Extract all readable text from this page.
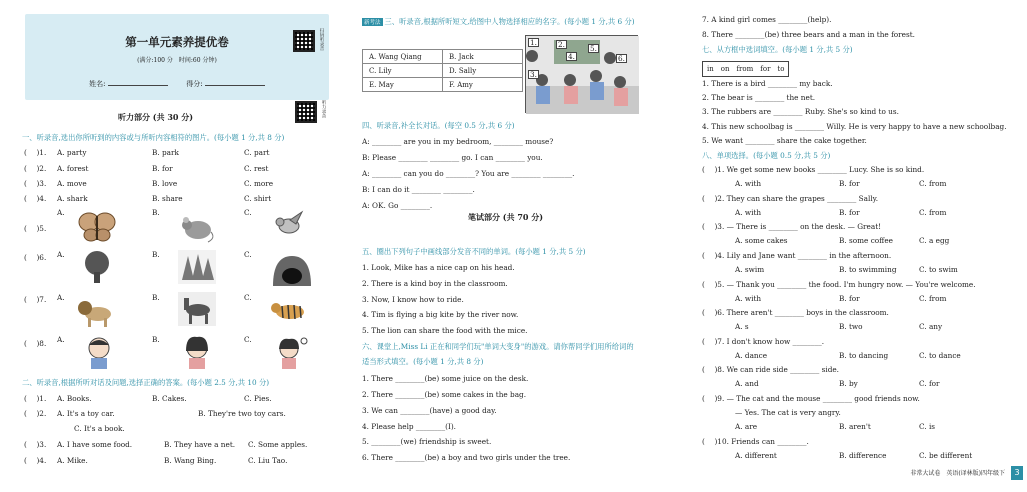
第一单元素养提优卷
(满分:100 分　时间:60 分钟)
姓名:	得分:
扫码听录音
听力部分 (共 30 分)	听力录音
一、听录音,选出你所听到的内容或与所听内容相符的图片。(每小题 1 分,共 8 分)
( 　)1. A. party	B. park	C. part
( 　)2. A. forest	B. for	C. rest
( 　)3. A. move	B. love	C. more
( 　)4. A. shark	B. share	C. shirt
A.	B.	C.
( 　)5.
A.	B.	C.
( 　)6.
A.	B.	C.
( 　)7.
A.	B.	C.
( 　)8.
二、听录音,根据所听对话及问题,选择正确的答案。(每小题 2.5 分,共 10 分)
( 　)1. A. Books.	B. Cakes.	C. Pies.
( 　)2. A. It's a toy car.	B. They're two toy cars.
C. It's a book.
( 　)3. A. I have some food.	B. They have a net. C. Some apples.
( 　)4. A. Mike.	B. Wang Bing.	C. Liu Tao.
新考法 三、听录音,根据所听短文,给图中人物选择相应的名字。(每小题 1 分,共 6 分)
A. Wang Qiang	B. Jack
C. Lily	D. Sally
E. May	F. Amy
1.	2.
3.
4.
5.
6.
四、听录音,补全长对话。(每空 0.5 分,共 6 分)
A: ________ are you in my bedroom, ________ mouse?
B: Please ________ ________ go. I can ________ you.
A: ________ can you do ________? You are ________ ________.
B: I can do it ________ ________.
A: OK. Go ________.
笔试部分 (共 70 分)
五、圈出下列句子中画线部分发音不同的单词。(每小题 1 分,共 5 分)
1. Look, Mike has a nice cap on his head.
2. There is a kind boy in the classroom.
3. Now, I know how to ride.
4. Tim is flying a big kite by the river now.
5. The lion can share the food with the mice.
六、课堂上,Miss Li 正在和同学们玩"单词大变身"的游戏。请你帮同学们用所给词的
适当形式填空。(每小题 1 分,共 8 分)
1. There ________(be) some juice on the desk.
2. There ________(be) some cakes in the bag.
3. We can ________(have) a good day.
4. Please help ________(I).
5. ________(we) friendship is sweet.
6. There ________(be) a boy and two girls under the tree.
7. A kind girl comes ________(help).
8. There ________(be) three bears and a man in the forest.
七、从方框中选词填空。(每小题 1 分,共 5 分)
in　on　from　for　to
1. There is a bird ________ my back.
2. The bear is ________ the net.
3. The rubbers are ________ Ruby. She's so kind to us.
4. This new schoolbag is ________ Willy. He is very happy to have a new schoolbag.
5. We want ________ share the cake together.
八、单项选择。(每小题 0.5 分,共 5 分)
( 　)1. We get some new books ________ Lucy. She is so kind.
A. with	B. for	C. from
( 　)2. They can share the grapes ________ Sally.
A. with	B. for	C. from
( 　)3. — There is ________ on the desk. — Great!
A. some cakes	B. some coffee	C. a egg
( 　)4. Lily and Jane want ________ in the afternoon.
A. swim	B. to swimming	C. to swim
( 　)5. — Thank you ________ the food. I'm hungry now. — You're welcome.
A. with	B. for	C. from
( 　)6. There aren't ________ boys in the classroom.
A. s	B. two	C. any
( 　)7. I don't know how ________.
A. dance	B. to dancing	C. to dance
( 　)8. We can ride side ________ side.
A. and	B. by	C. for
( 　)9. — The cat and the mouse ________ good friends now.
— Yes. The cat is very angry.
A. are	B. aren't	C. is
( 　)10. Friends can ________.
A. different	B. difference	C. be different
非常大试卷　英语(译林版)四年级下	3
